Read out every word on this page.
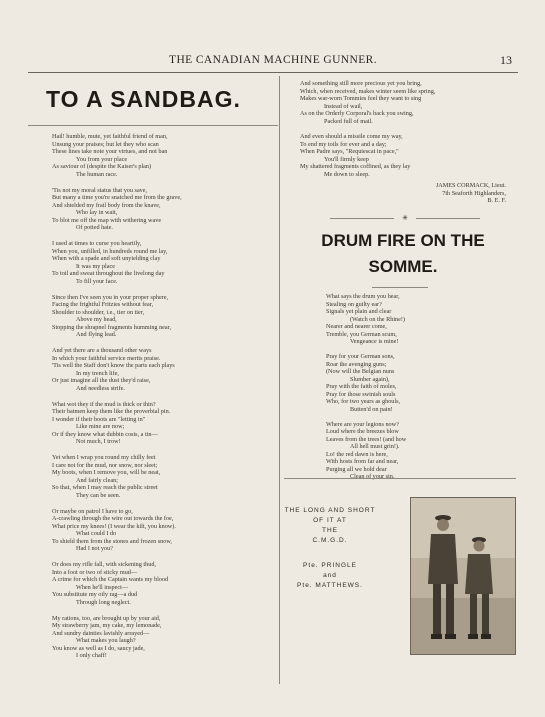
THE CANADIAN MACHINE GUNNER.	13
TO A SANDBAG.
Hail! humble, mute, yet faithful friend of man,
Unsung your praises; but let they who scan
These lines take note your virtues, and not ban
You from your place
As saviour of (despite the Kaiser's plan)
The human race.
'Tis not my moral status that you save,
But many a time you're snatched me from the grave,
And shielded my frail body from the knave,
Who lay in wait,
To blot me off the map with withering wave
Of potted hate.
I used at times to curse you heartily,
When you, unfilled, in hundreds round me lay,
When with a spade and soft unyielding clay
It was my place
To toil and sweat throughout the livelong day
To fill your face.
Since then I've seen you in your proper sphere,
Facing the frightful Fritzies without fear,
Shoulder to shoulder, i.e., tier on tier,
Above my head,
Stopping the shrapnel fragments humming near,
And flying lead.
And yet there are a thousand other ways
In which your faithful service merits praise.
'Tis well the Staff don't know the parts each plays
In my trench life,
Or just imagine all the dust they'd raise,
And needless strife.
What wot they if the mud is thick or thin?
Their batmen keep them like the proverbial pin.
I wonder if their boots are "letting in"
Like mine are now;
Or if they know what dubbin costs, a tin—
Not much, I trow!
Yet when I wrap you round my chilly feet
I care not for the mud, nor snow, nor sleet;
My boots, when I remove you, will be neat,
And fairly clean;
So that, when I may reach the public street
They can be seen.
Or maybe on patrol I have to go,
A-crawling through the wire out towards the foe,
What price my knees! (I wear the kilt, you know).
What could I do
To shield them from the stones and frozen snow,
Had I not you?
Or does my rifle fall, with sickening thud,
Into a foot or two of sticky mud—
A crime for which the Captain wants my blood
When he'll inspect—
You substitute my oily rag—a dud
Through long neglect.
My rations, too, are brought up by your aid,
My strawberry jam, my cake, my lemonade,
And sundry dainties lavishly arrayed—
What makes you laugh?
You know as well as I do, saucy jade,
I only chaff!
And something still more precious yet you bring,
Which, when received, makes winter seem like spring,
Makes war-worn Tommies feel they want to sing
Instead of wail,
As on the Orderly Corporal's back you swing,
Packed full of mail.
And even should a missile come my way,
To end my toils for ever and a day;
When Padre says, "Requiescat in pace,"
You'll firmly keep
My shattered fragments coffined, as they lay
Me down to sleep.
JAMES CORMACK, Lieut.
7th Seaforth Highlanders,
B. E. F.
✳
DRUM FIRE ON THE
SOMME.
What says the drum you hear,
Stealing on guilty ear?
Signals yet plain and clear
(Watch on the Rhine!)
Nearer and nearer come,
Tremble, you German scum,
Vengeance is mine!
Pray for your German sons,
Roar the avenging guns;
(Now will the Belgian nuns
Slumber again),
Pray with the faith of moles,
Pray for those swinish souls
Who, for two years as ghouls,
Butten'd on pain!
Where are your legions now?
Loud where the breezes blow
Leaves from the trees! (and how
All hell must grin!).
Lo! the red dawn is here,
With hosts from far and near,
Purging all we hold dear
Clean of your sin.
THE LONG AND SHORT
OF IT AT
THE
C.M.G.D.
Pte. PRINGLE
and
Pte. MATTHEWS.
